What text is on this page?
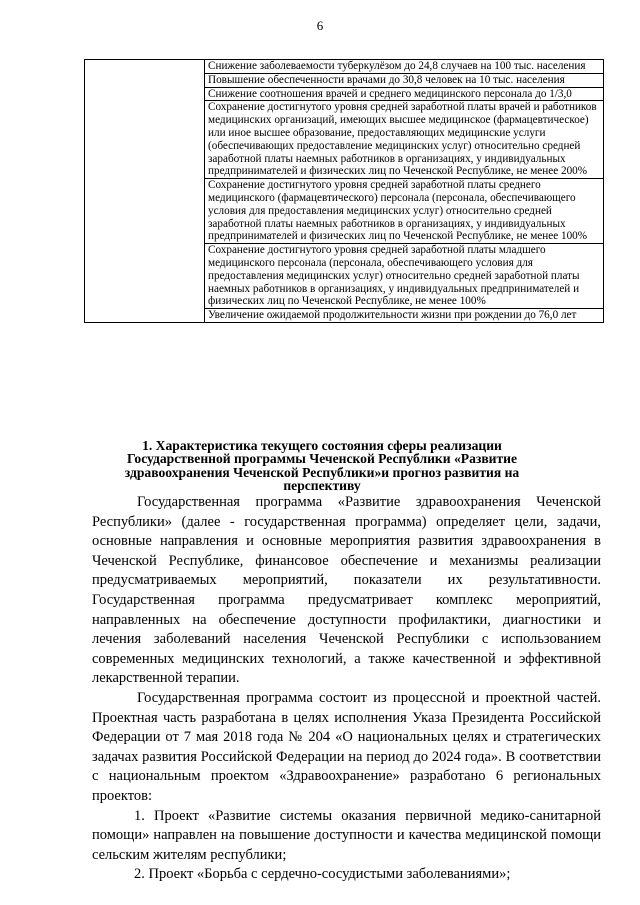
6
	Снижение заболеваемости туберкулёзом до 24,8 случаев на 100 тыс. населения
Повышение обеспеченности врачами до 30,8 человек на 10 тыс. населения
Снижение соотношения врачей и среднего медицинского персонала до 1/3,0
Сохранение достигнутого уровня средней заработной платы врачей и работников медицинских организаций, имеющих высшее медицинское (фармацевтическое) или иное высшее образование, предоставляющих медицинские услуги (обеспечивающих предоставление медицинских услуг) относительно средней заработной платы наемных работников в организациях, у индивидуальных предпринимателей и физических лиц по Чеченской Республике, не менее 200%
Сохранение достигнутого уровня средней заработной платы среднего медицинского (фармацевтического) персонала (персонала, обеспечивающего условия для предоставления медицинских услуг) относительно средней заработной платы наемных работников в организациях, у индивидуальных предпринимателей и физических лиц по Чеченской Республике, не менее 100%
Сохранение достигнутого уровня средней заработной платы младшего медицинского персонала (персонала, обеспечивающего условия для предоставления медицинских услуг) относительно средней заработной платы наемных работников в организациях, у индивидуальных предпринимателей и физических лиц по Чеченской Республике, не менее 100%
Увеличение ожидаемой продолжительности жизни при рождении до 76,0 лет
1. Характеристика текущего состояния сферы реализации Государственной программы Чеченской Республики «Развитие здравоохранения Чеченской Республики»и прогноз развития на перспективу

Государственная программа «Развитие здравоохранения Чеченской Республики» (далее - государственная программа) определяет цели, задачи, основные направления и основные мероприятия развития здравоохранения в Чеченской Республике, финансовое обеспечение и механизмы реализации предусматриваемых мероприятий, показатели их результативности. Государственная программа предусматривает комплекс мероприятий, направленных на обеспечение доступности профилактики, диагностики и лечения заболеваний населения Чеченской Республики с использованием современных медицинских технологий, а также качественной и эффективной лекарственной терапии.

Государственная программа состоит из процессной и проектной частей. Проектная часть разработана в целях исполнения Указа Президента Российской Федерации от 7 мая 2018 года № 204 «О национальных целях и стратегических задачах развития Российской Федерации на период до 2024 года». В соответствии с национальным проектом «Здравоохранение» разработано 6 региональных проектов:

1. Проект «Развитие системы оказания первичной медико-санитарной помощи» направлен на повышение доступности и качества медицинской помощи сельским жителям республики;

2. Проект «Борьба с сердечно-сосудистыми заболеваниями»;
